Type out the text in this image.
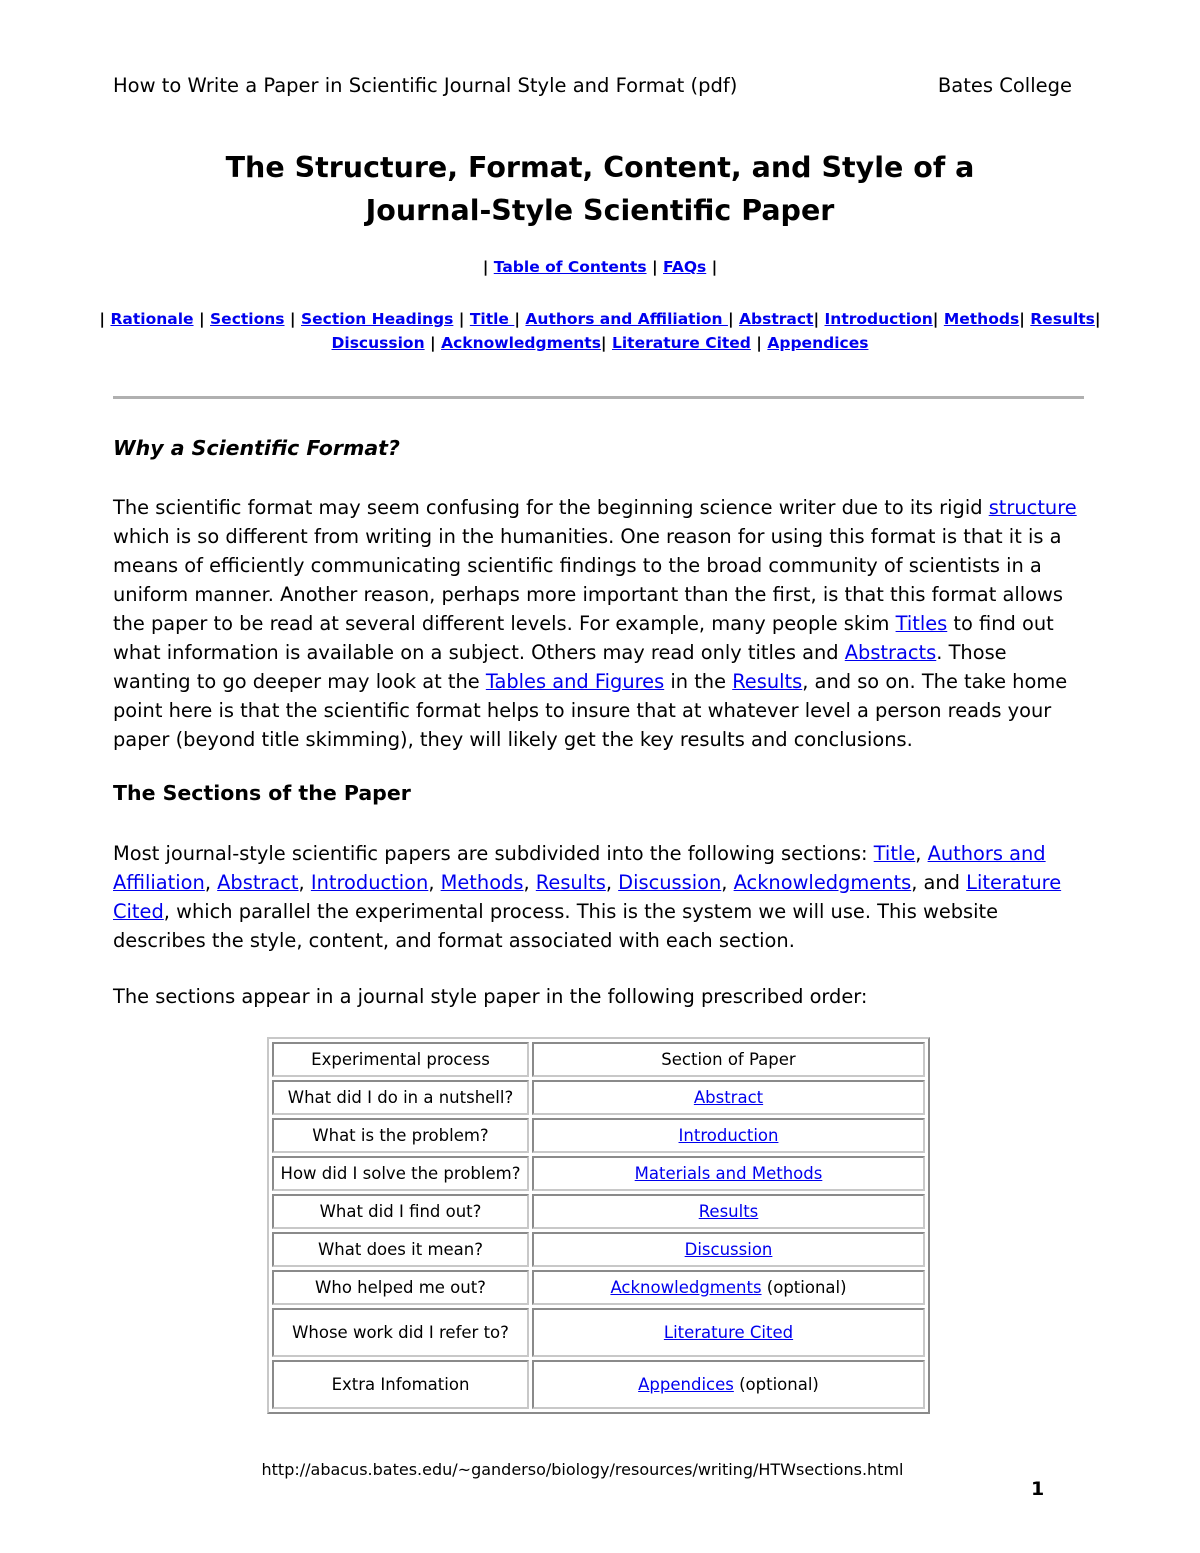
How to Write a Paper in Scientific Journal Style and Format (pdf)	Bates College
The Structure, Format, Content, and Style of a
Journal-Style Scientific Paper
| Table of Contents | FAQs |
| Rationale | Sections | Section Headings | Title | Authors and Affiliation | Abstract| Introduction| Methods| Results|
Discussion | Acknowledgments| Literature Cited | Appendices
Why a Scientific Format?
The scientific format may seem confusing for the beginning science writer due to its rigid structure which is so different from writing in the humanities. One reason for using this format is that it is a means of efficiently communicating scientific findings to the broad community of scientists in a uniform manner. Another reason, perhaps more important than the first, is that this format allows the paper to be read at several different levels. For example, many people skim Titles to find out what information is available on a subject. Others may read only titles and Abstracts. Those wanting to go deeper may look at the Tables and Figures in the Results, and so on. The take home point here is that the scientific format helps to insure that at whatever level a person reads your paper (beyond title skimming), they will likely get the key results and conclusions.
The Sections of the Paper
Most journal-style scientific papers are subdivided into the following sections: Title, Authors and Affiliation, Abstract, Introduction, Methods, Results, Discussion, Acknowledgments, and Literature Cited, which parallel the experimental process. This is the system we will use. This website describes the style, content, and format associated with each section.
The sections appear in a journal style paper in the following prescribed order:
Experimental process	Section of Paper
What did I do in a nutshell?	Abstract
What is the problem?	Introduction
How did I solve the problem?	Materials and Methods
What did I find out?	Results
What does it mean?	Discussion
Who helped me out?	Acknowledgments (optional)
Whose work did I refer to?	Literature Cited
Extra Infomation	Appendices (optional)
http://abacus.bates.edu/~ganderso/biology/resources/writing/HTWsections.html
1
